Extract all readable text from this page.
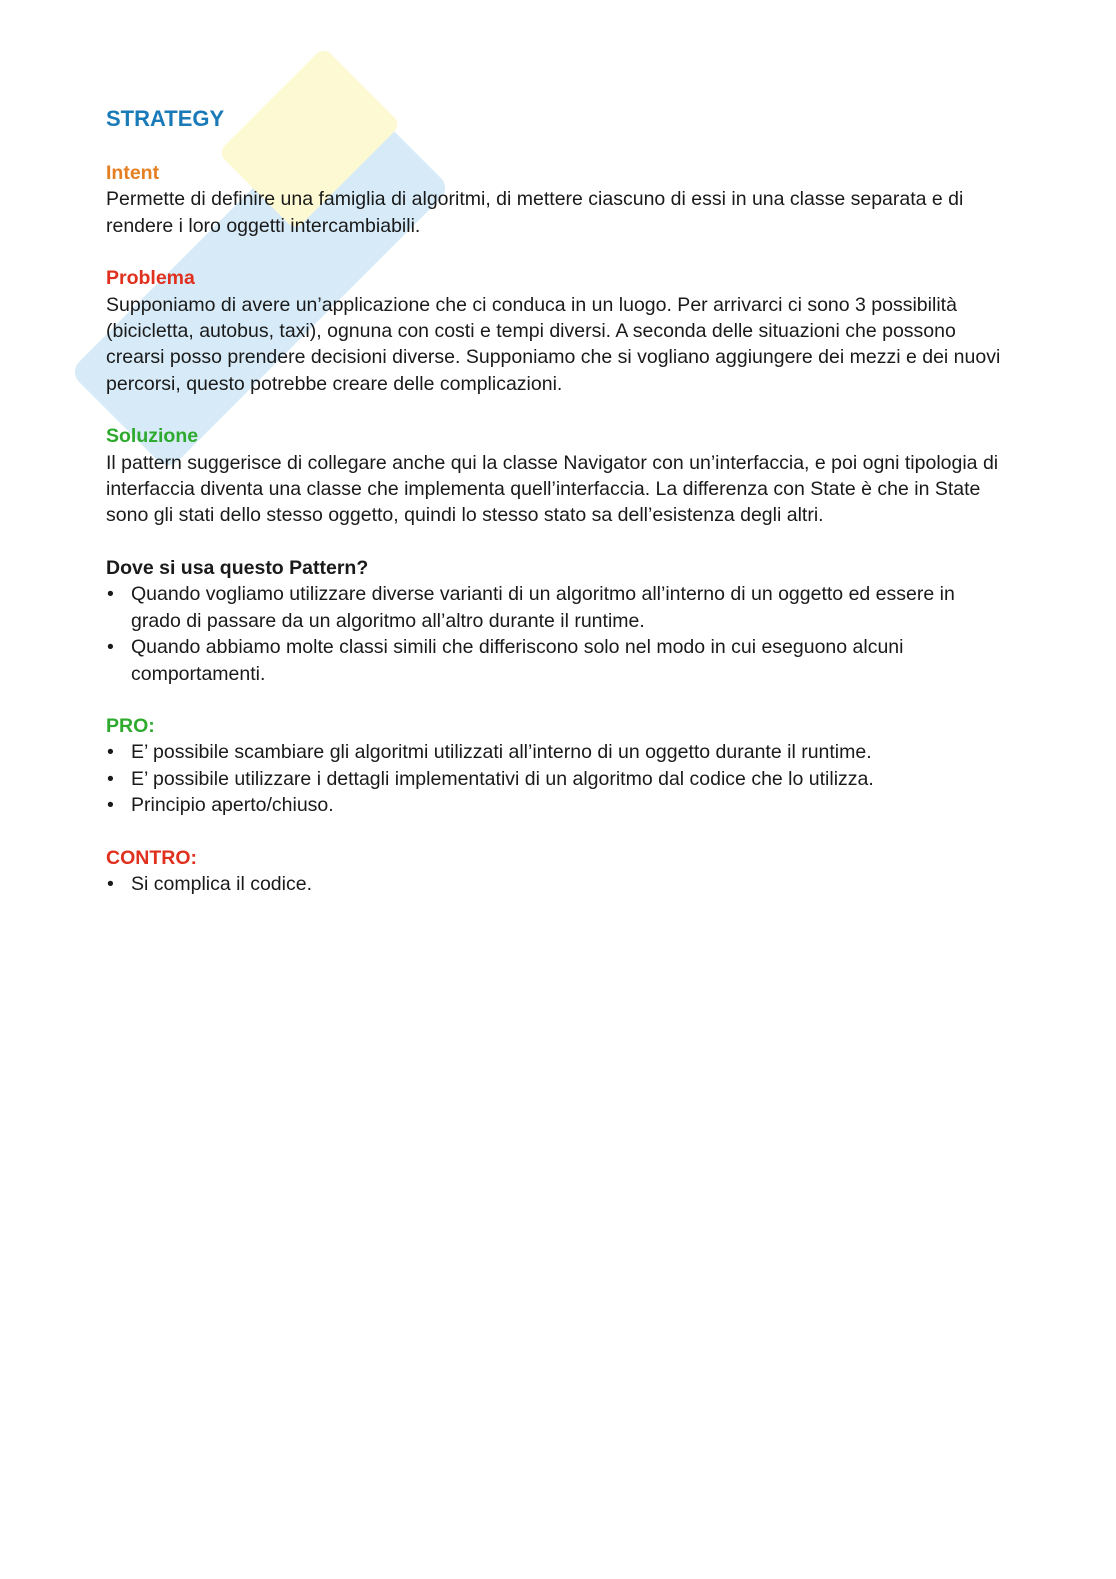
STRATEGY
Intent

Permette di definire una famiglia di algoritmi, di mettere ciascuno di essi in una classe separata e di rendere i loro oggetti intercambiabili.

Problema

Supponiamo di avere un’applicazione che ci conduca in un luogo. Per arrivarci ci sono 3 possibilità (bicicletta, autobus, taxi), ognuna con costi e tempi diversi. A seconda delle situazioni che possono crearsi posso prendere decisioni diverse. Supponiamo che si vogliano aggiungere dei mezzi e dei nuovi percorsi, questo potrebbe creare delle complicazioni.

Soluzione

Il pattern suggerisce di collegare anche qui la classe Navigator con un’interfaccia, e poi ogni tipologia di interfaccia diventa una classe che implementa quell’interfaccia. La differenza con State è che in State sono gli stati dello stesso oggetto, quindi lo stesso stato sa dell’esistenza degli altri.

Dove si usa questo Pattern?
• Quando vogliamo utilizzare diverse varianti di un algoritmo all’interno di un oggetto ed essere in grado di passare da un algoritmo all’altro durante il runtime.
• Quando abbiamo molte classi simili che differiscono solo nel modo in cui eseguono alcuni comportamenti.
PRO:
• E’ possibile scambiare gli algoritmi utilizzati all’interno di un oggetto durante il runtime.
• E’ possibile utilizzare i dettagli implementativi di un algoritmo dal codice che lo utilizza.
• Principio aperto/chiuso.
CONTRO:
• Si complica il codice.
